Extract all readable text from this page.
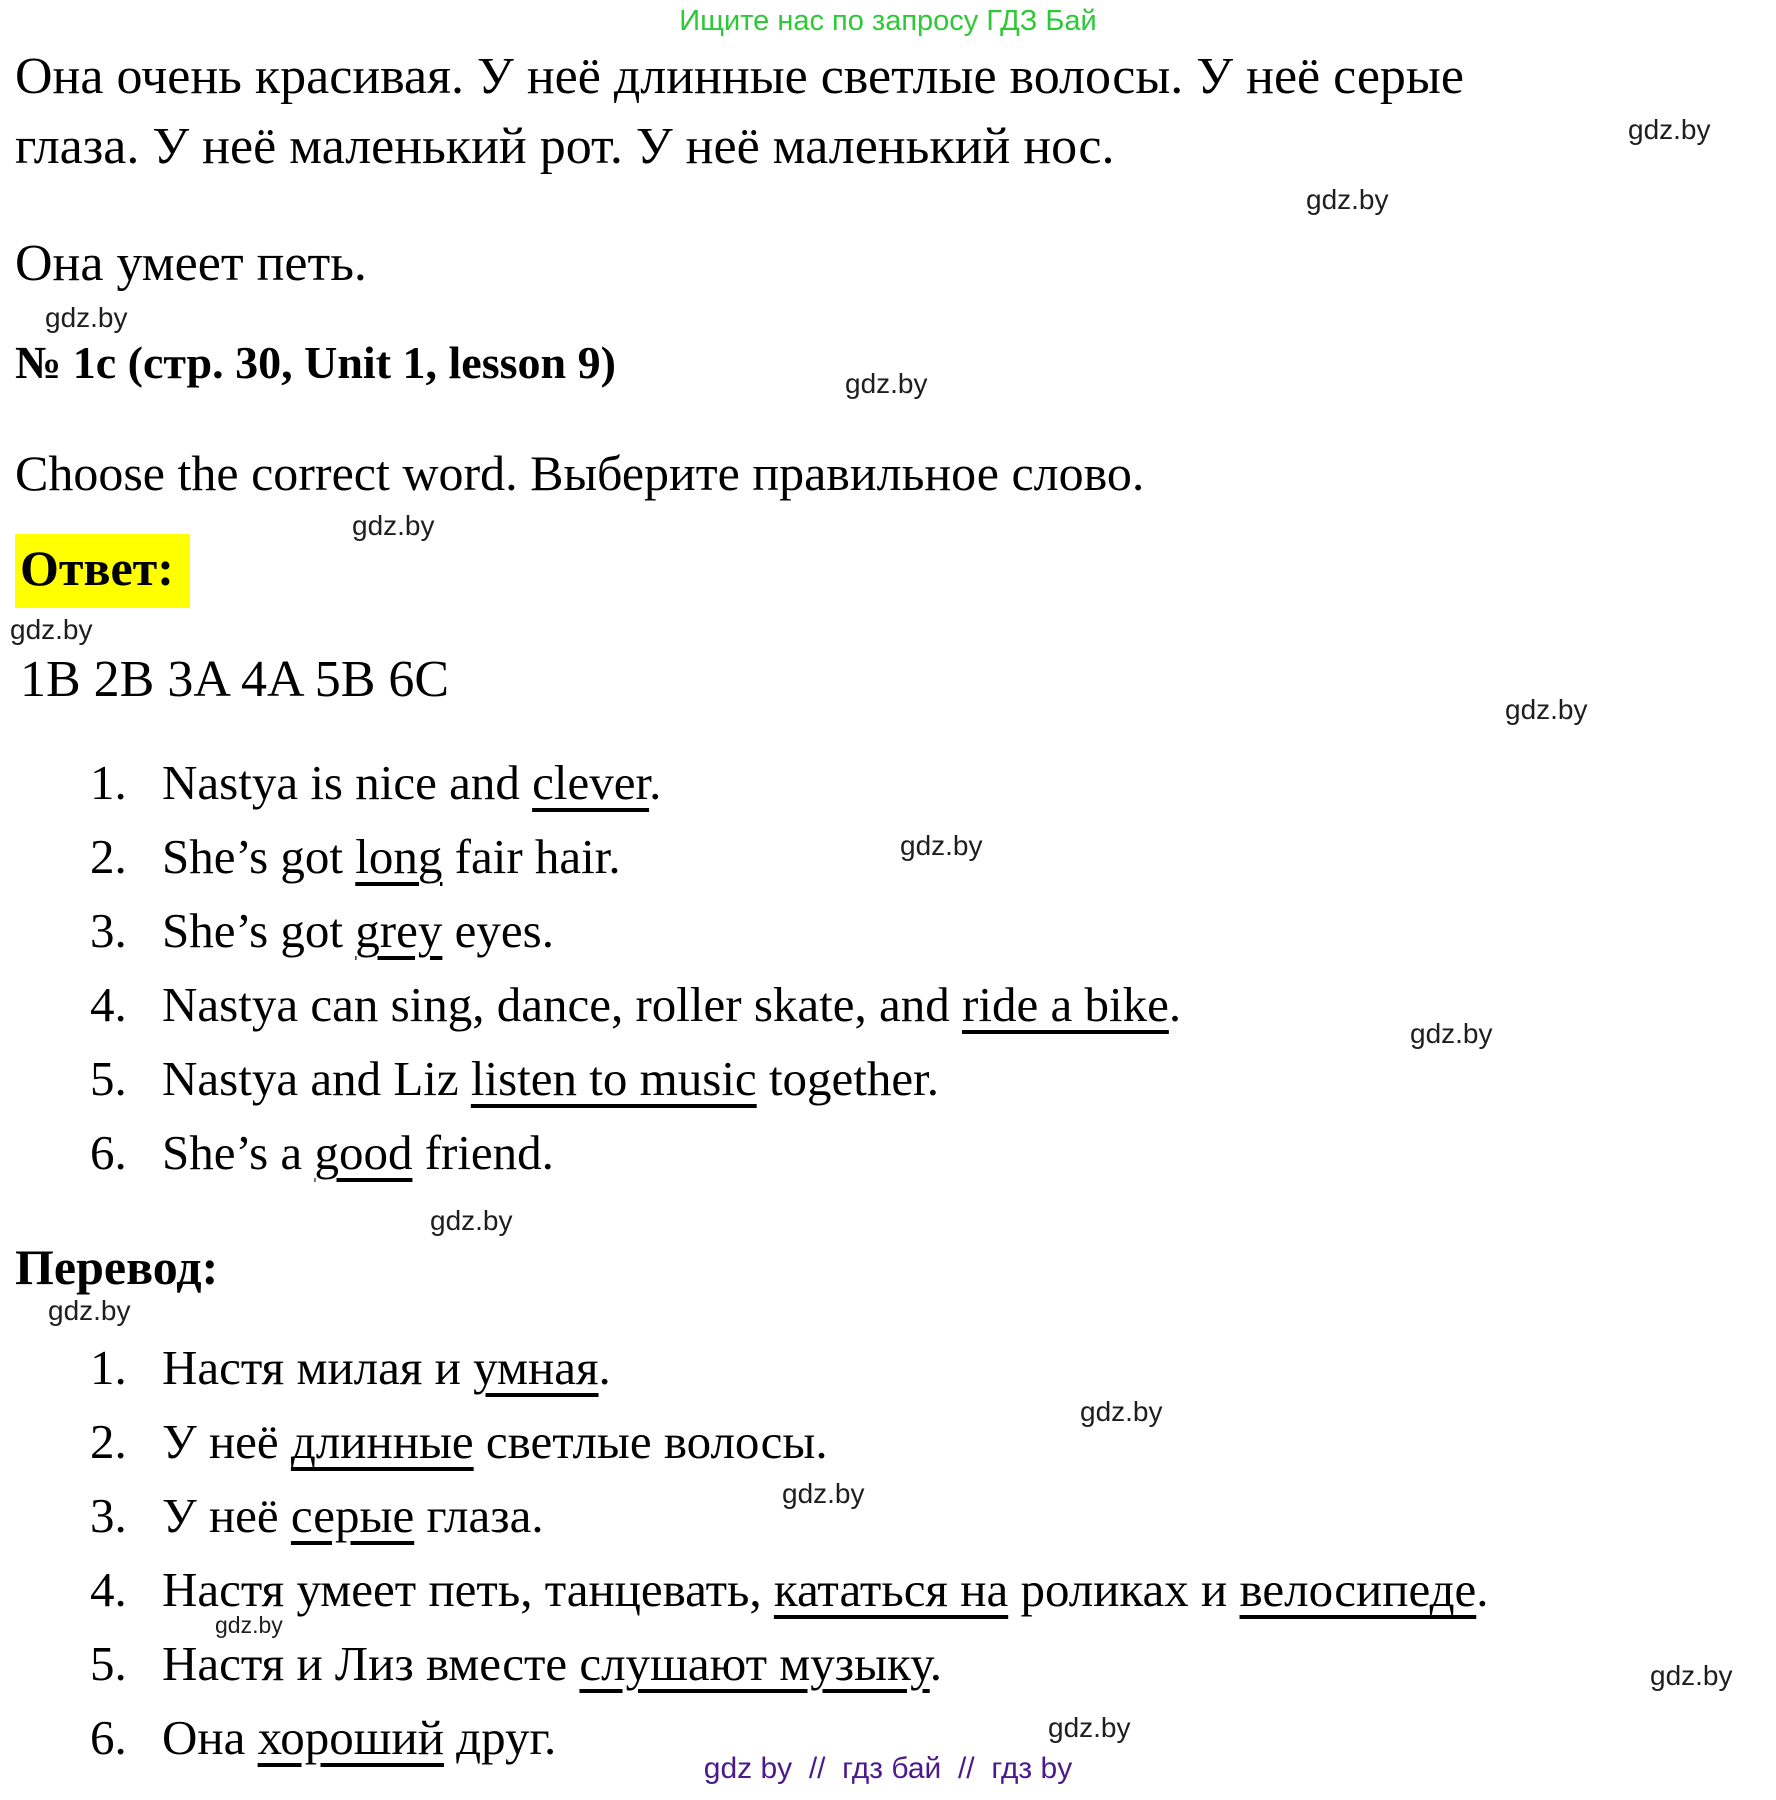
Ищите нас по запросу ГДЗ Бай
Она очень красивая. У неё длинные светлые волосы. У неё серые
глаза. У неё маленький рот. У неё маленький нос.
Она умеет петь.
№ 1c (стр. 30, Unit 1, lesson 9)
Choose the correct word. Выберите правильное слово.
Ответ:
1B 2B 3A 4A 5B 6C
1. Nastya is nice and clever.
2. She’s got long fair hair.
3. She’s got grey eyes.
4. Nastya can sing, dance, roller skate, and ride a bike.
5. Nastya and Liz listen to music together.
6. She’s a good friend.
Перевод:
1. Настя милая и умная.
2. У неё длинные светлые волосы.
3. У неё серые глаза.
4. Настя умеет петь, танцевать, кататься на роликах и велосипеде.
5. Настя и Лиз вместе слушают музыку.
6. Она хороший друг.
gdz.by
gdz.by
gdz.by
gdz.by
gdz.by
gdz.by
gdz.by
gdz.by
gdz.by
gdz.by
gdz.by
gdz.by
gdz.by
gdz.by
gdz.by
gdz.by
gdz by  //  гдз бай  //  гдз by
